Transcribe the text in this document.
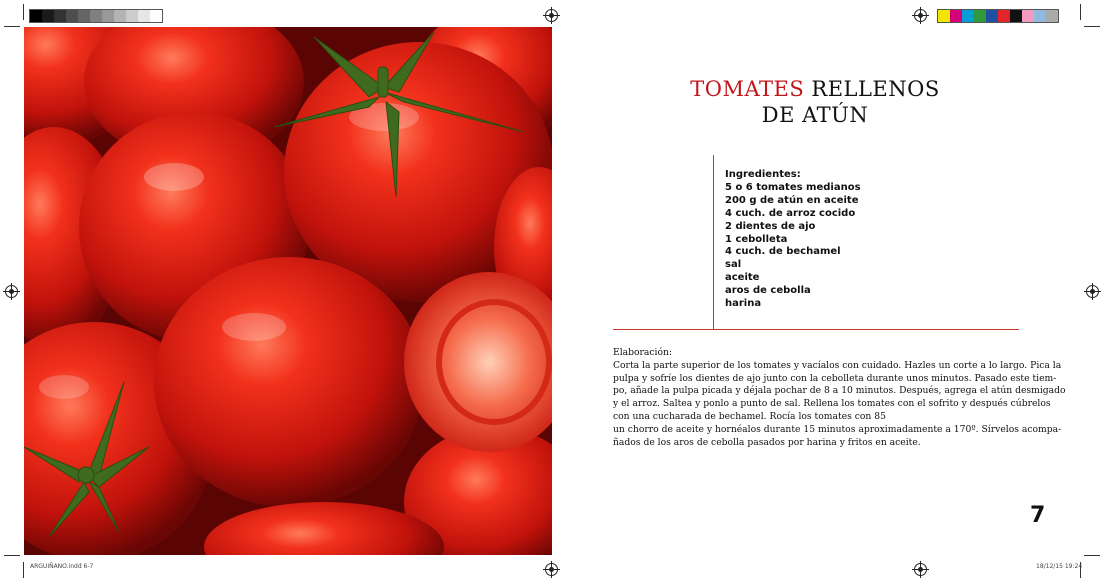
TOMATES RELLENOS
DE ATÚN
Ingredientes:
5 o 6 tomates medianos
200 g de atún en aceite
4 cuch. de arroz cocido
2 dientes de ajo
1 cebolleta
4 cuch. de bechamel
sal
aceite
aros de cebolla
harina
Elaboración:
Corta la parte superior de los tomates y vacíalos con cuidado. Hazles un corte a lo largo. Pica la
pulpa y sofríe los dientes de ajo junto con la cebolleta durante unos minutos. Pasado este tiem-
po, añade la pulpa picada y déjala pochar de 8 a 10 minutos. Después, agrega el atún desmigado
y el arroz. Saltea y ponlo a punto de sal. Rellena los tomates con el sofrito y después cúbrelos
con una cucharada de bechamel. Rocía los tomates con 85
un chorro de aceite y hornéalos durante 15 minutos aproximadamente a 170º. Sírvelos acompa-
ñados de los aros de cebolla pasados por harina y fritos en aceite.
7
ARGUIÑANO.indd 6-7	18/12/15 19:24
